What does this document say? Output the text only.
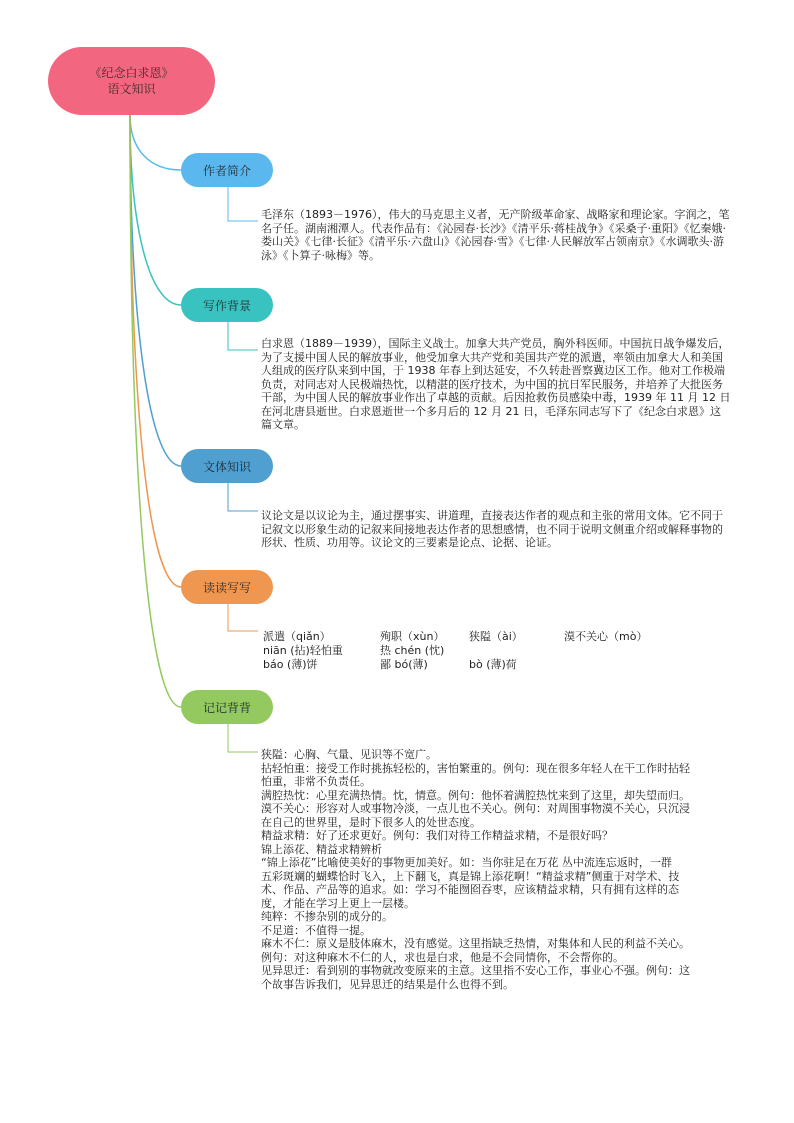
《纪念白求恩》
语文知识
作者简介
写作背景
文体知识
读读写写
记记背背

毛泽东（1893－1976），伟大的马克思主义者，无产阶级革命家、战略家和理论家。字润之，笔名子任。湖南湘潭人。代表作品有：《沁园春·长沙》《清平乐·蒋桂战争》《采桑子·重阳》《忆秦娥·娄山关》《七律·长征》《清平乐·六盘山》《沁园春·雪》《七律·人民解放军占领南京》《水调歌头·游泳》《卜算子·咏梅》等。

白求恩（1889－1939），国际主义战士。加拿大共产党员，胸外科医师。中国抗日战争爆发后，为了支援中国人民的解放事业，他受加拿大共产党和美国共产党的派遣，率领由加拿大人和美国人组成的医疗队来到中国，于 1938 年春上到达延安，不久转赴晋察冀边区工作。他对工作极端负责，对同志对人民极端热忱，以精湛的医疗技术，为中国的抗日军民服务，并培养了大批医务干部，为中国人民的解放事业作出了卓越的贡献。后因抢救伤员感染中毒，1939 年 11 月 12 日在河北唐县逝世。白求恩逝世一个多月后的 12 月 21 日，毛泽东同志写下了《纪念白求恩》这篇文章。

议论文是以议论为主，通过摆事实、讲道理，直接表达作者的观点和主张的常用文体。它不同于记叙文以形象生动的记叙来间接地表达作者的思想感情，也不同于说明文侧重介绍或解释事物的形状、性质、功用等。议论文的三要素是论点、论据、论证。

派遣（qiǎn）	殉职（xùn）	狭隘（ài）	漠不关心（mò）
niān (拈)轻怕重	热 chén (忱)
báo (薄)饼	鄙 bó(薄)	bò (薄)荷
狭隘：心胸、气量、见识等不宽广。
拈轻怕重：接受工作时挑拣轻松的，害怕繁重的。例句：现在很多年轻人在干工作时拈轻
怕重，非常不负责任。
满腔热忱：心里充满热情。忱，情意。例句：他怀着满腔热忱来到了这里，却失望而归。
漠不关心：形容对人或事物冷淡，一点儿也不关心。例句：对周围事物漠不关心，只沉浸
在自己的世界里，是时下很多人的处世态度。
精益求精：好了还求更好。例句：我们对待工作精益求精，不是很好吗？
锦上添花、精益求精辨析
“锦上添花”比喻使美好的事物更加美好。如：当你驻足在万花 丛中流连忘返时，一群
五彩斑斓的蝴蝶恰时飞入，上下翻飞，真是锦上添花啊！“精益求精”侧重于对学术、技
术、作品、产品等的追求。如：学习不能囫囵吞枣，应该精益求精，只有拥有这样的态
度，才能在学习上更上一层楼。
纯粹：不掺杂别的成分的。
不足道：不值得一提。
麻木不仁：原义是肢体麻木，没有感觉。这里指缺乏热情，对集体和人民的利益不关心。
例句：对这种麻木不仁的人，求也是白求，他是不会同情你，不会帮你的。
见异思迁：看到别的事物就改变原来的主意。这里指不安心工作，事业心不强。例句：这
个故事告诉我们，见异思迁的结果是什么也得不到。
